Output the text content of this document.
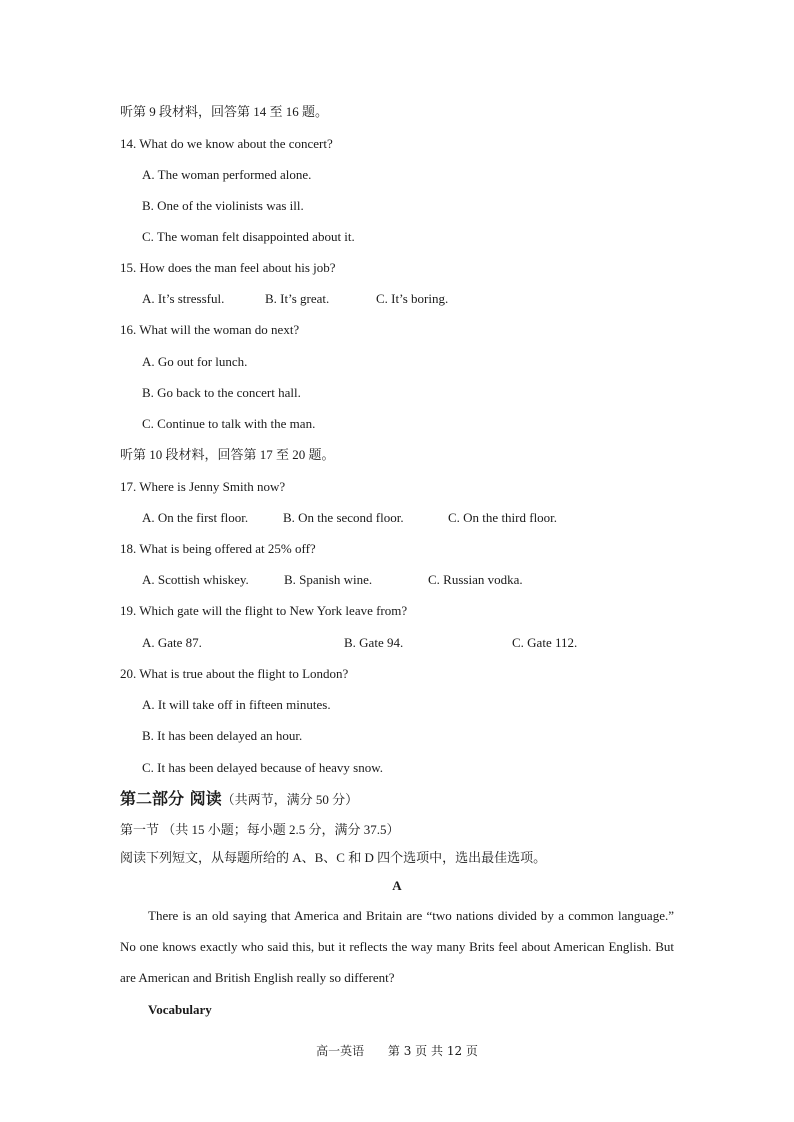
听第 9 段材料，回答第 14 至 16 题。
14. What do we know about the concert?
A. The woman performed alone.
B. One of the violinists was ill.
C. The woman felt disappointed about it.
15. How does the man feel about his job?
A. It’s stressful.	B. It’s great.	C. It’s boring.
16. What will the woman do next?
A. Go out for lunch.
B. Go back to the concert hall.
C. Continue to talk with the man.
听第 10 段材料，回答第 17 至 20 题。
17. Where is Jenny Smith now?
A. On the first floor.	B. On the second floor.	C. On the third floor.
18. What is being offered at 25% off?
A. Scottish whiskey.	B. Spanish wine.	C. Russian vodka.
19. Which gate will the flight to New York leave from?
A. Gate 87.	B. Gate 94.	C. Gate 112.
20. What is true about the flight to London?
A. It will take off in fifteen minutes.
B. It has been delayed an hour.
C. It has been delayed because of heavy snow.
第二部分 阅读（共两节，满分 50 分）
第一节 （共 15 小题；每小题 2.5 分，满分 37.5）
阅读下列短文，从每题所给的 A、B、C 和 D 四个选项中，选出最佳选项。
A
There is an old saying that America and Britain are “two nations divided by a common language.” No one knows exactly who said this, but it reflects the way many Brits feel about American English. But are American and British English really so different?
Vocabulary
高一英语 第 3 页 共 12 页
